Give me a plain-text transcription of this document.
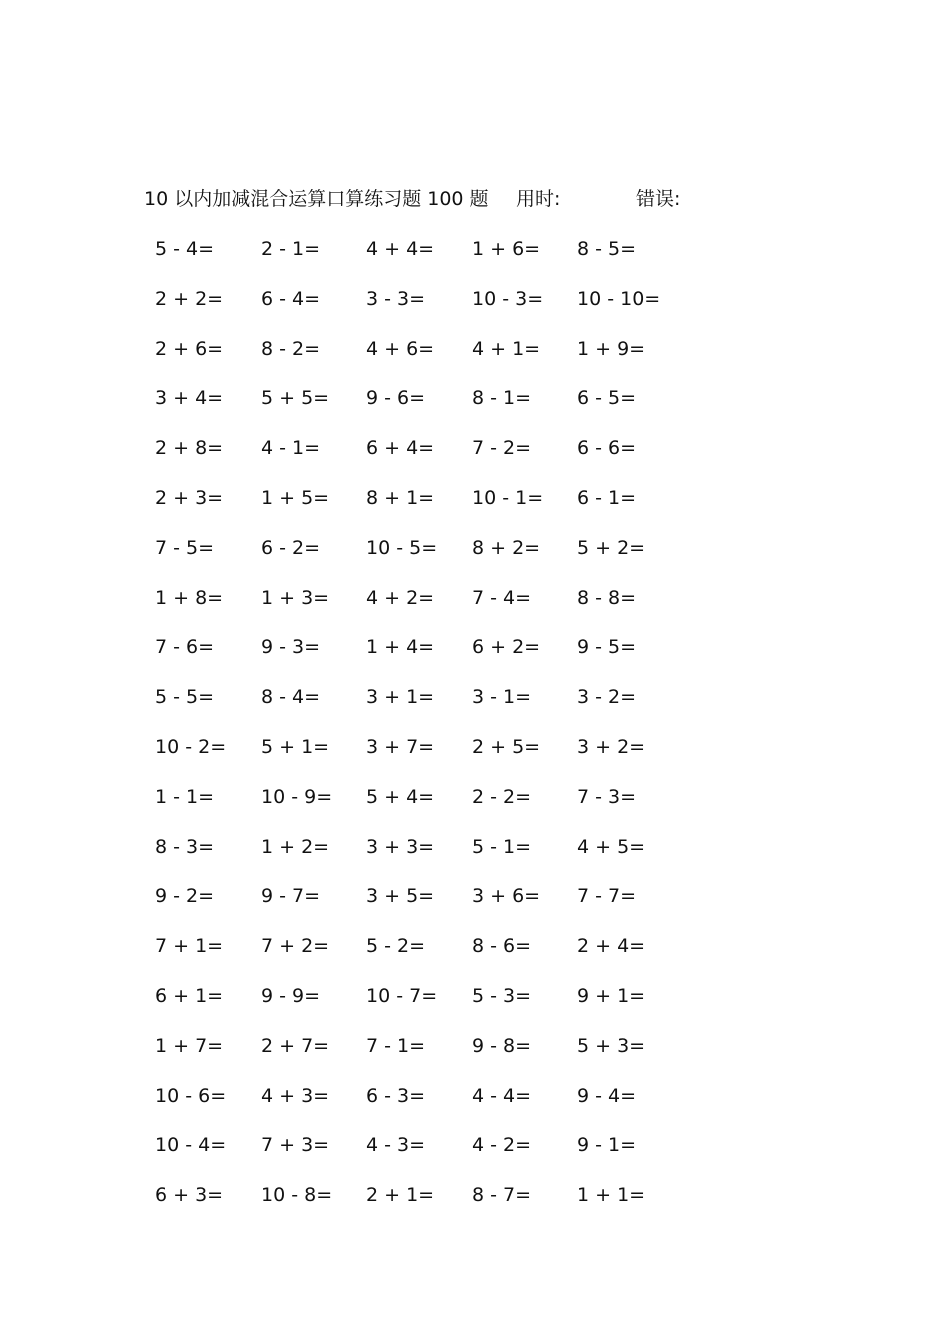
10 以内加减混合运算口算练习题 100 题 用时:	错误:
5 - 4= 2 - 1= 4 + 4= 1 + 6= 8 - 5=
2 + 2= 6 - 4= 3 - 3= 10 - 3= 10 - 10=
2 + 6= 8 - 2= 4 + 6= 4 + 1= 1 + 9=
3 + 4= 5 + 5= 9 - 6= 8 - 1= 6 - 5=
2 + 8= 4 - 1= 6 + 4= 7 - 2= 6 - 6=
2 + 3= 1 + 5= 8 + 1= 10 - 1= 6 - 1=
7 - 5= 6 - 2= 10 - 5= 8 + 2= 5 + 2=
1 + 8= 1 + 3= 4 + 2= 7 - 4= 8 - 8=
7 - 6= 9 - 3= 1 + 4= 6 + 2= 9 - 5=
5 - 5= 8 - 4= 3 + 1= 3 - 1= 3 - 2=
10 - 2= 5 + 1= 3 + 7= 2 + 5= 3 + 2=
1 - 1= 10 - 9= 5 + 4= 2 - 2= 7 - 3=
8 - 3= 1 + 2= 3 + 3= 5 - 1= 4 + 5=
9 - 2= 9 - 7= 3 + 5= 3 + 6= 7 - 7=
7 + 1= 7 + 2= 5 - 2= 8 - 6= 2 + 4=
6 + 1= 9 - 9= 10 - 7= 5 - 3= 9 + 1=
1 + 7= 2 + 7= 7 - 1= 9 - 8= 5 + 3=
10 - 6= 4 + 3= 6 - 3= 4 - 4= 9 - 4=
10 - 4= 7 + 3= 4 - 3= 4 - 2= 9 - 1=
6 + 3= 10 - 8= 2 + 1= 8 - 7= 1 + 1=
